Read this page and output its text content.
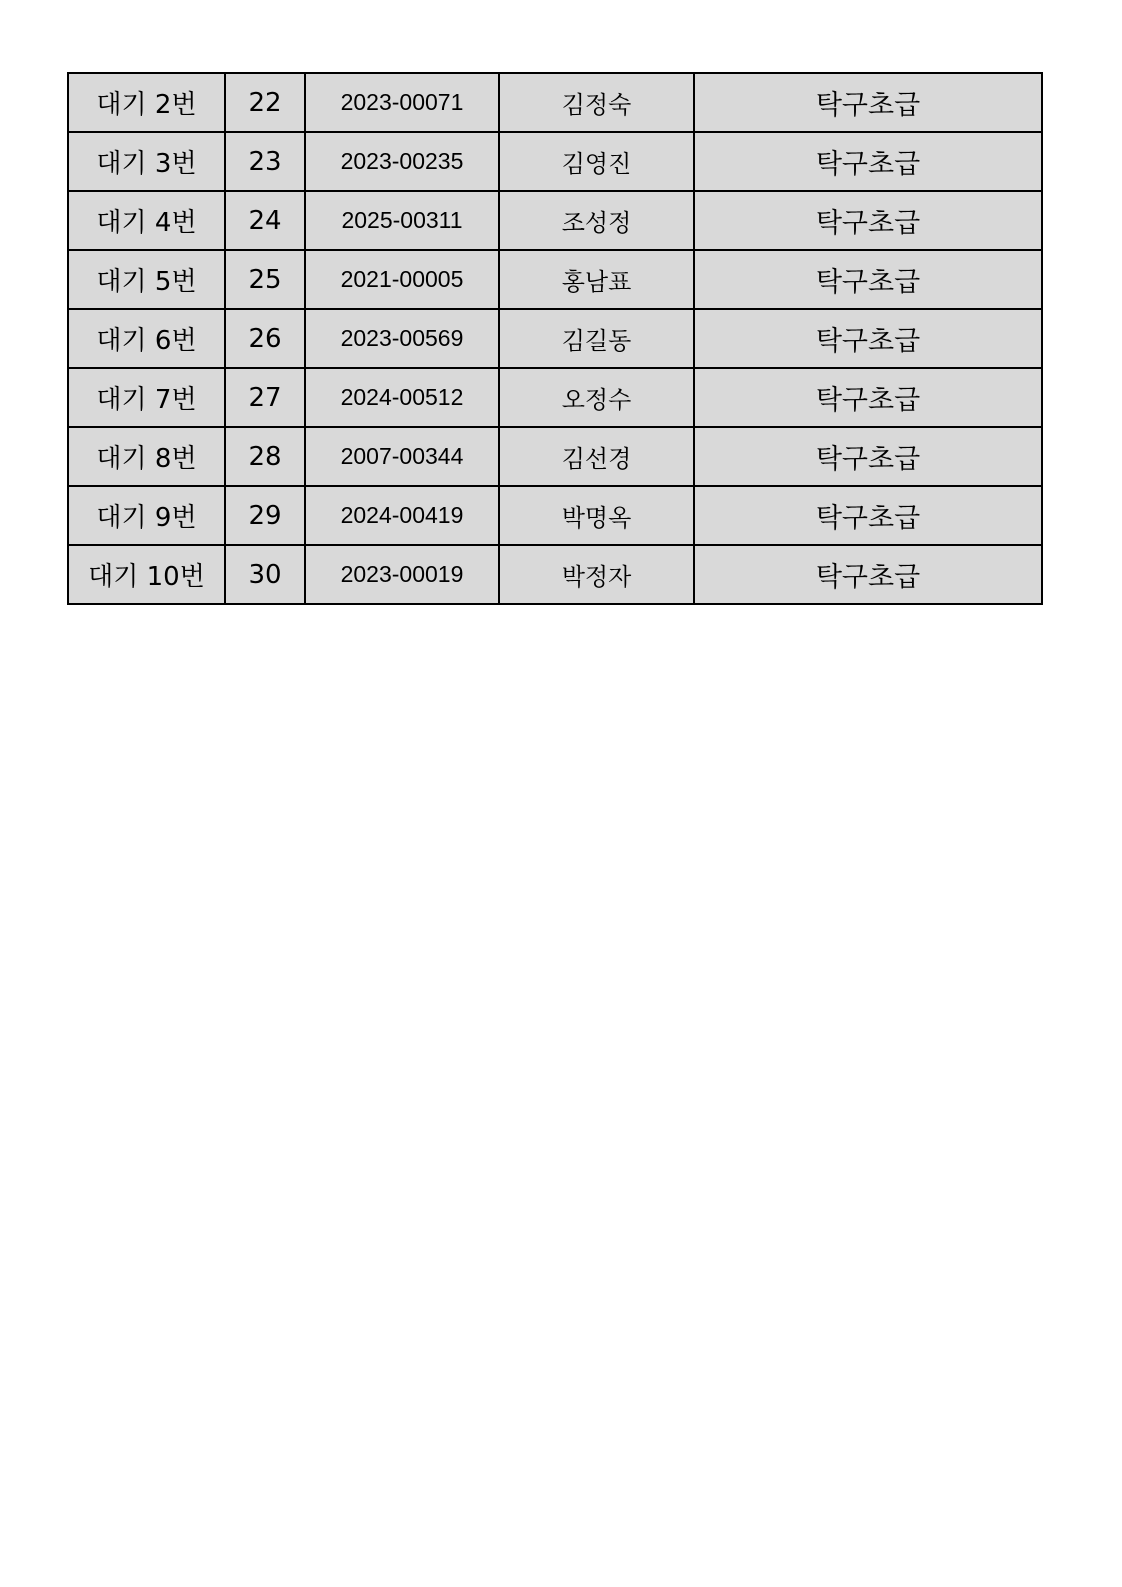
대기 2번	22	2023-00071	김정숙	탁구초급
대기 3번	23	2023-00235	김영진	탁구초급
대기 4번	24	2025-00311	조성정	탁구초급
대기 5번	25	2021-00005	홍남표	탁구초급
대기 6번	26	2023-00569	김길동	탁구초급
대기 7번	27	2024-00512	오정수	탁구초급
대기 8번	28	2007-00344	김선경	탁구초급
대기 9번	29	2024-00419	박명옥	탁구초급
대기 10번	30	2023-00019	박정자	탁구초급
